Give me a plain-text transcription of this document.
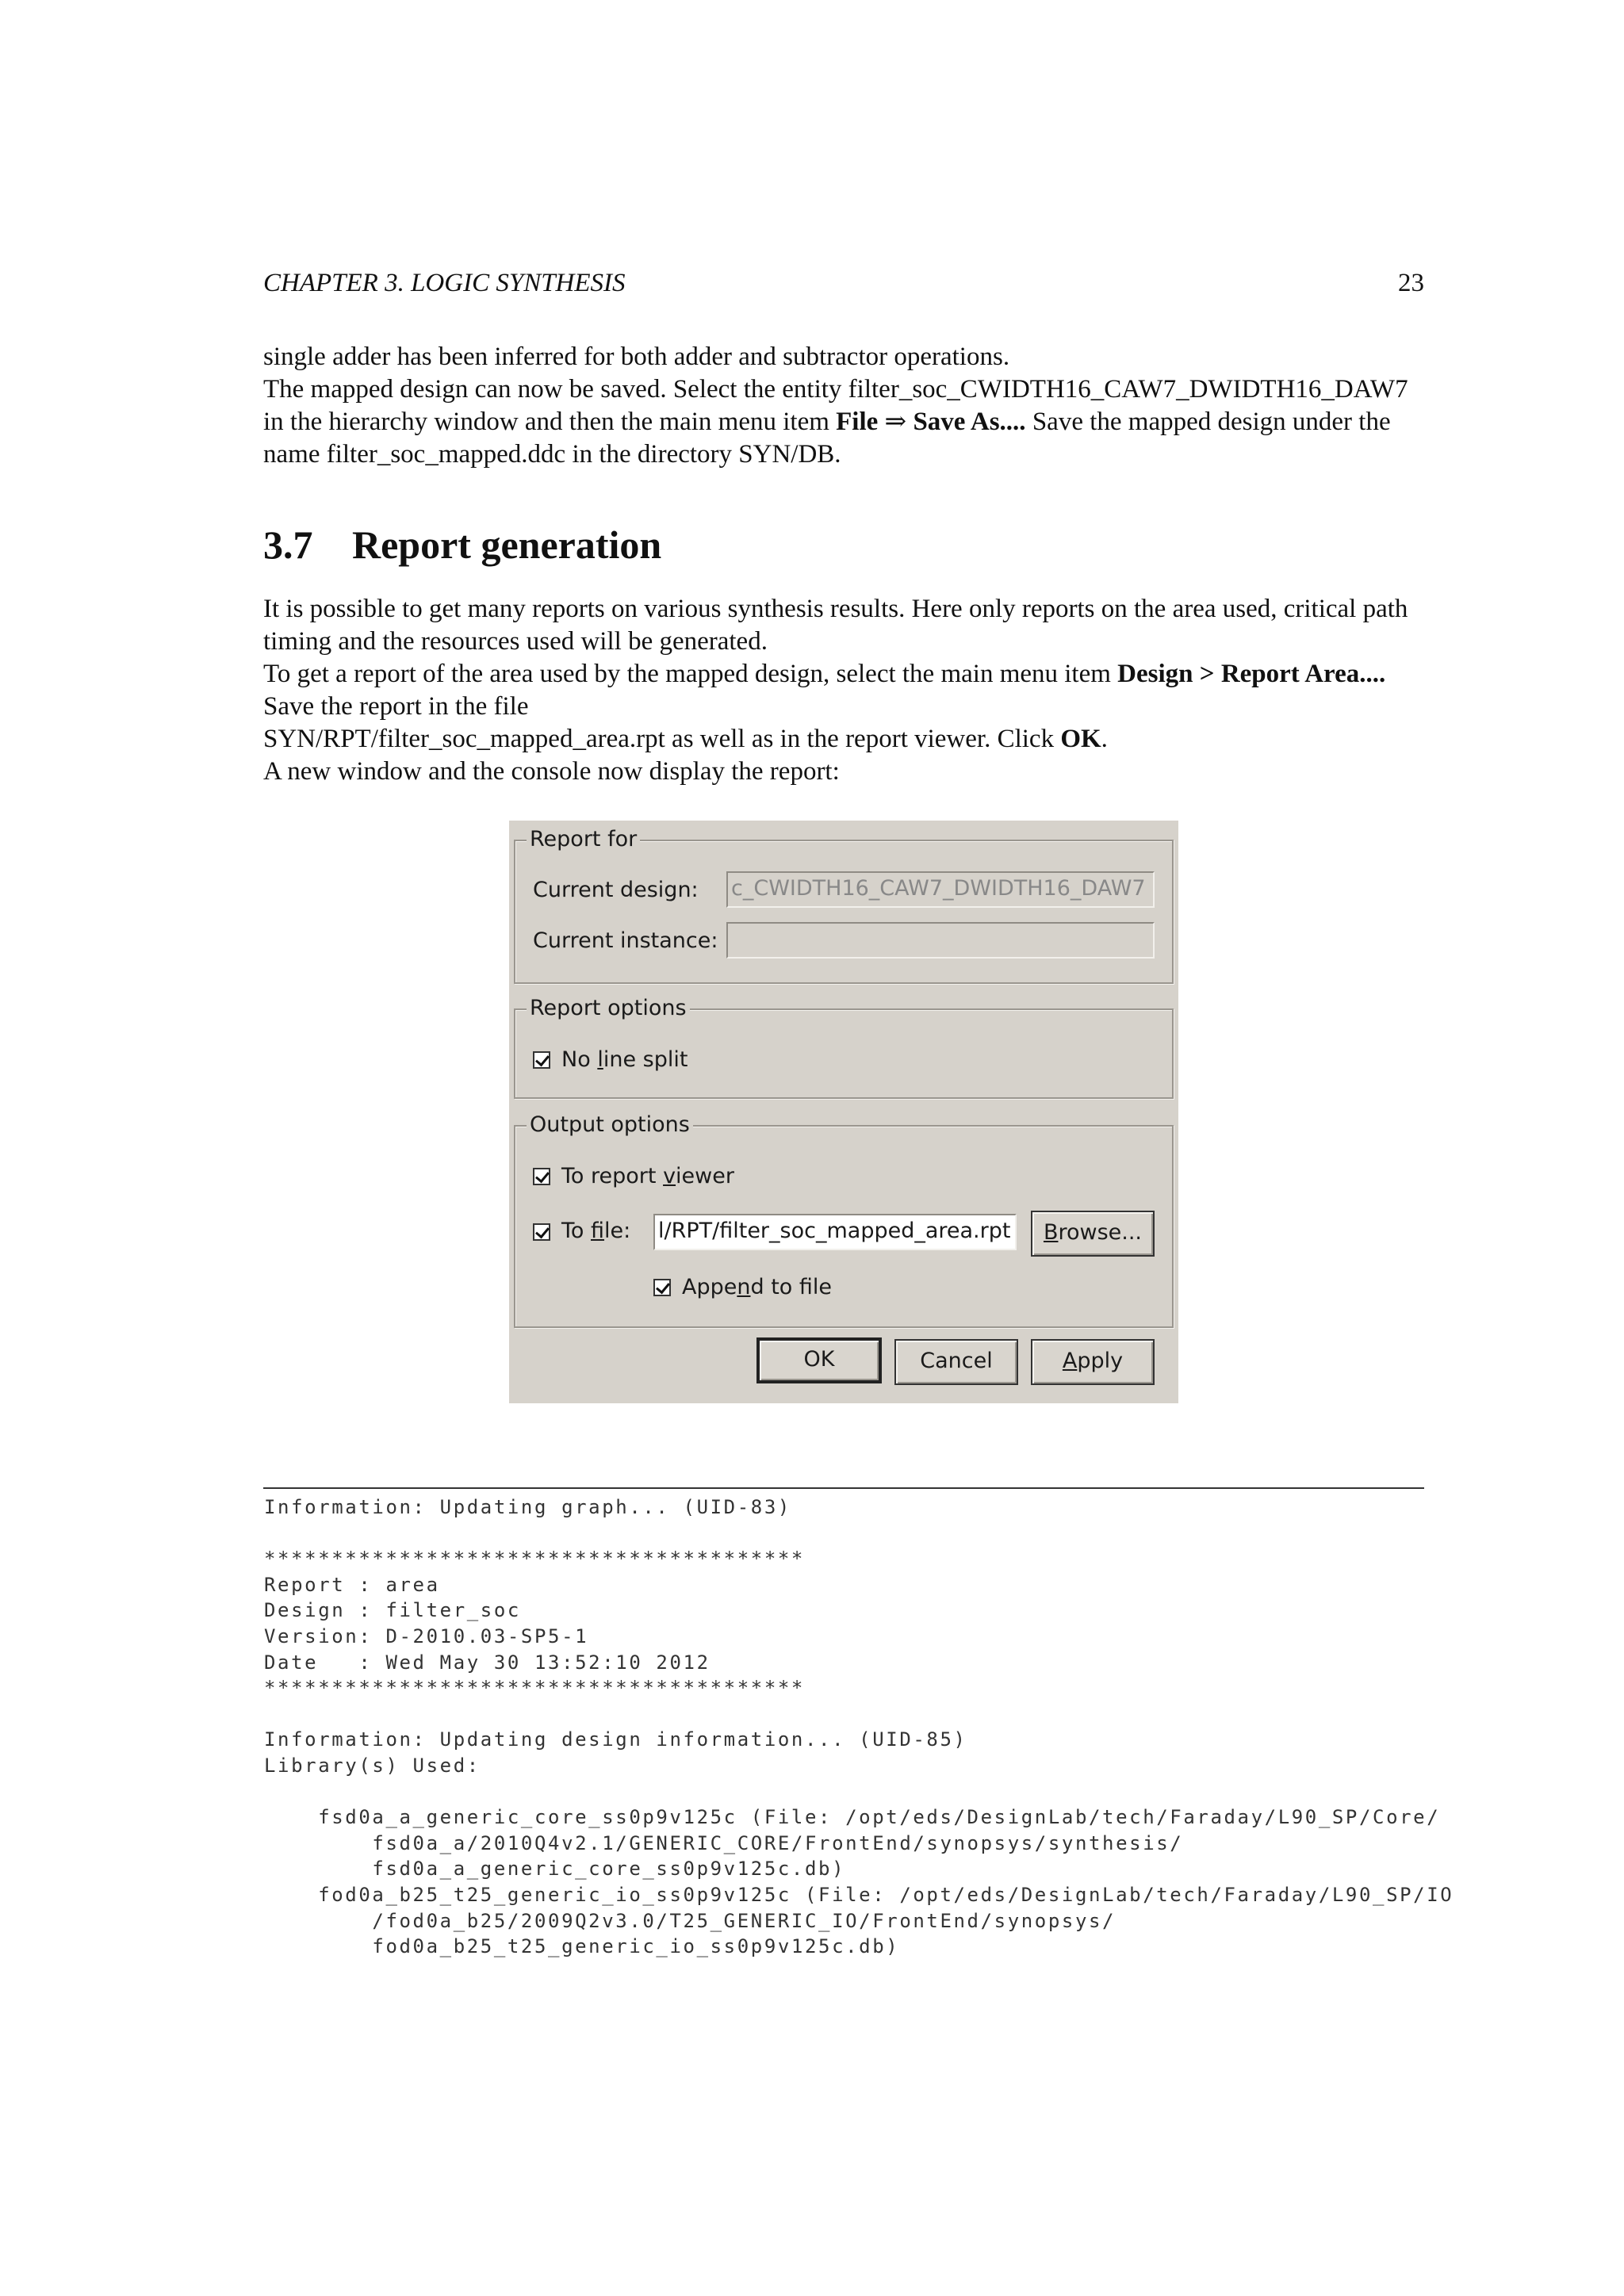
CHAPTER 3. LOGIC SYNTHESIS	23
single adder has been inferred for both adder and subtractor operations.
The mapped design can now be saved. Select the entity filter_soc_CWIDTH16_CAW7_DWIDTH16_DAW7 in the hierarchy window and then the main menu item File ⇒ Save As.... Save the mapped design under the name filter_soc_mapped.ddc in the directory SYN/DB.
3.7 Report generation
It is possible to get many reports on various synthesis results. Here only reports on the area used, critical path timing and the resources used will be generated.
To get a report of the area used by the mapped design, select the main menu item Design > Report Area....
Save the report in the file
SYN/RPT/filter_soc_mapped_area.rpt as well as in the report viewer. Click OK.
A new window and the console now display the report:
Report for
Current design: c_CWIDTH16_CAW7_DWIDTH16_DAW7
Current instance:
Report options
No line split
Output options
To report viewer
To file: l/RPT/filter_soc_mapped_area.rpt	Browse...
Append to file
OK	Cancel	Apply
Information: Updating graph... (UID-83)

****************************************
Report : area
Design : filter_soc
Version: D-2010.03-SP5-1
Date   : Wed May 30 13:52:10 2012
****************************************

Information: Updating design information... (UID-85)
Library(s) Used:

fsd0a_a_generic_core_ss0p9v125c (File: /opt/eds/DesignLab/tech/Faraday/L90_SP/Core/
fsd0a_a/2010Q4v2.1/GENERIC_CORE/FrontEnd/synopsys/synthesis/
fsd0a_a_generic_core_ss0p9v125c.db)
fod0a_b25_t25_generic_io_ss0p9v125c (File: /opt/eds/DesignLab/tech/Faraday/L90_SP/IO
/fod0a_b25/2009Q2v3.0/T25_GENERIC_IO/FrontEnd/synopsys/
fod0a_b25_t25_generic_io_ss0p9v125c.db)
